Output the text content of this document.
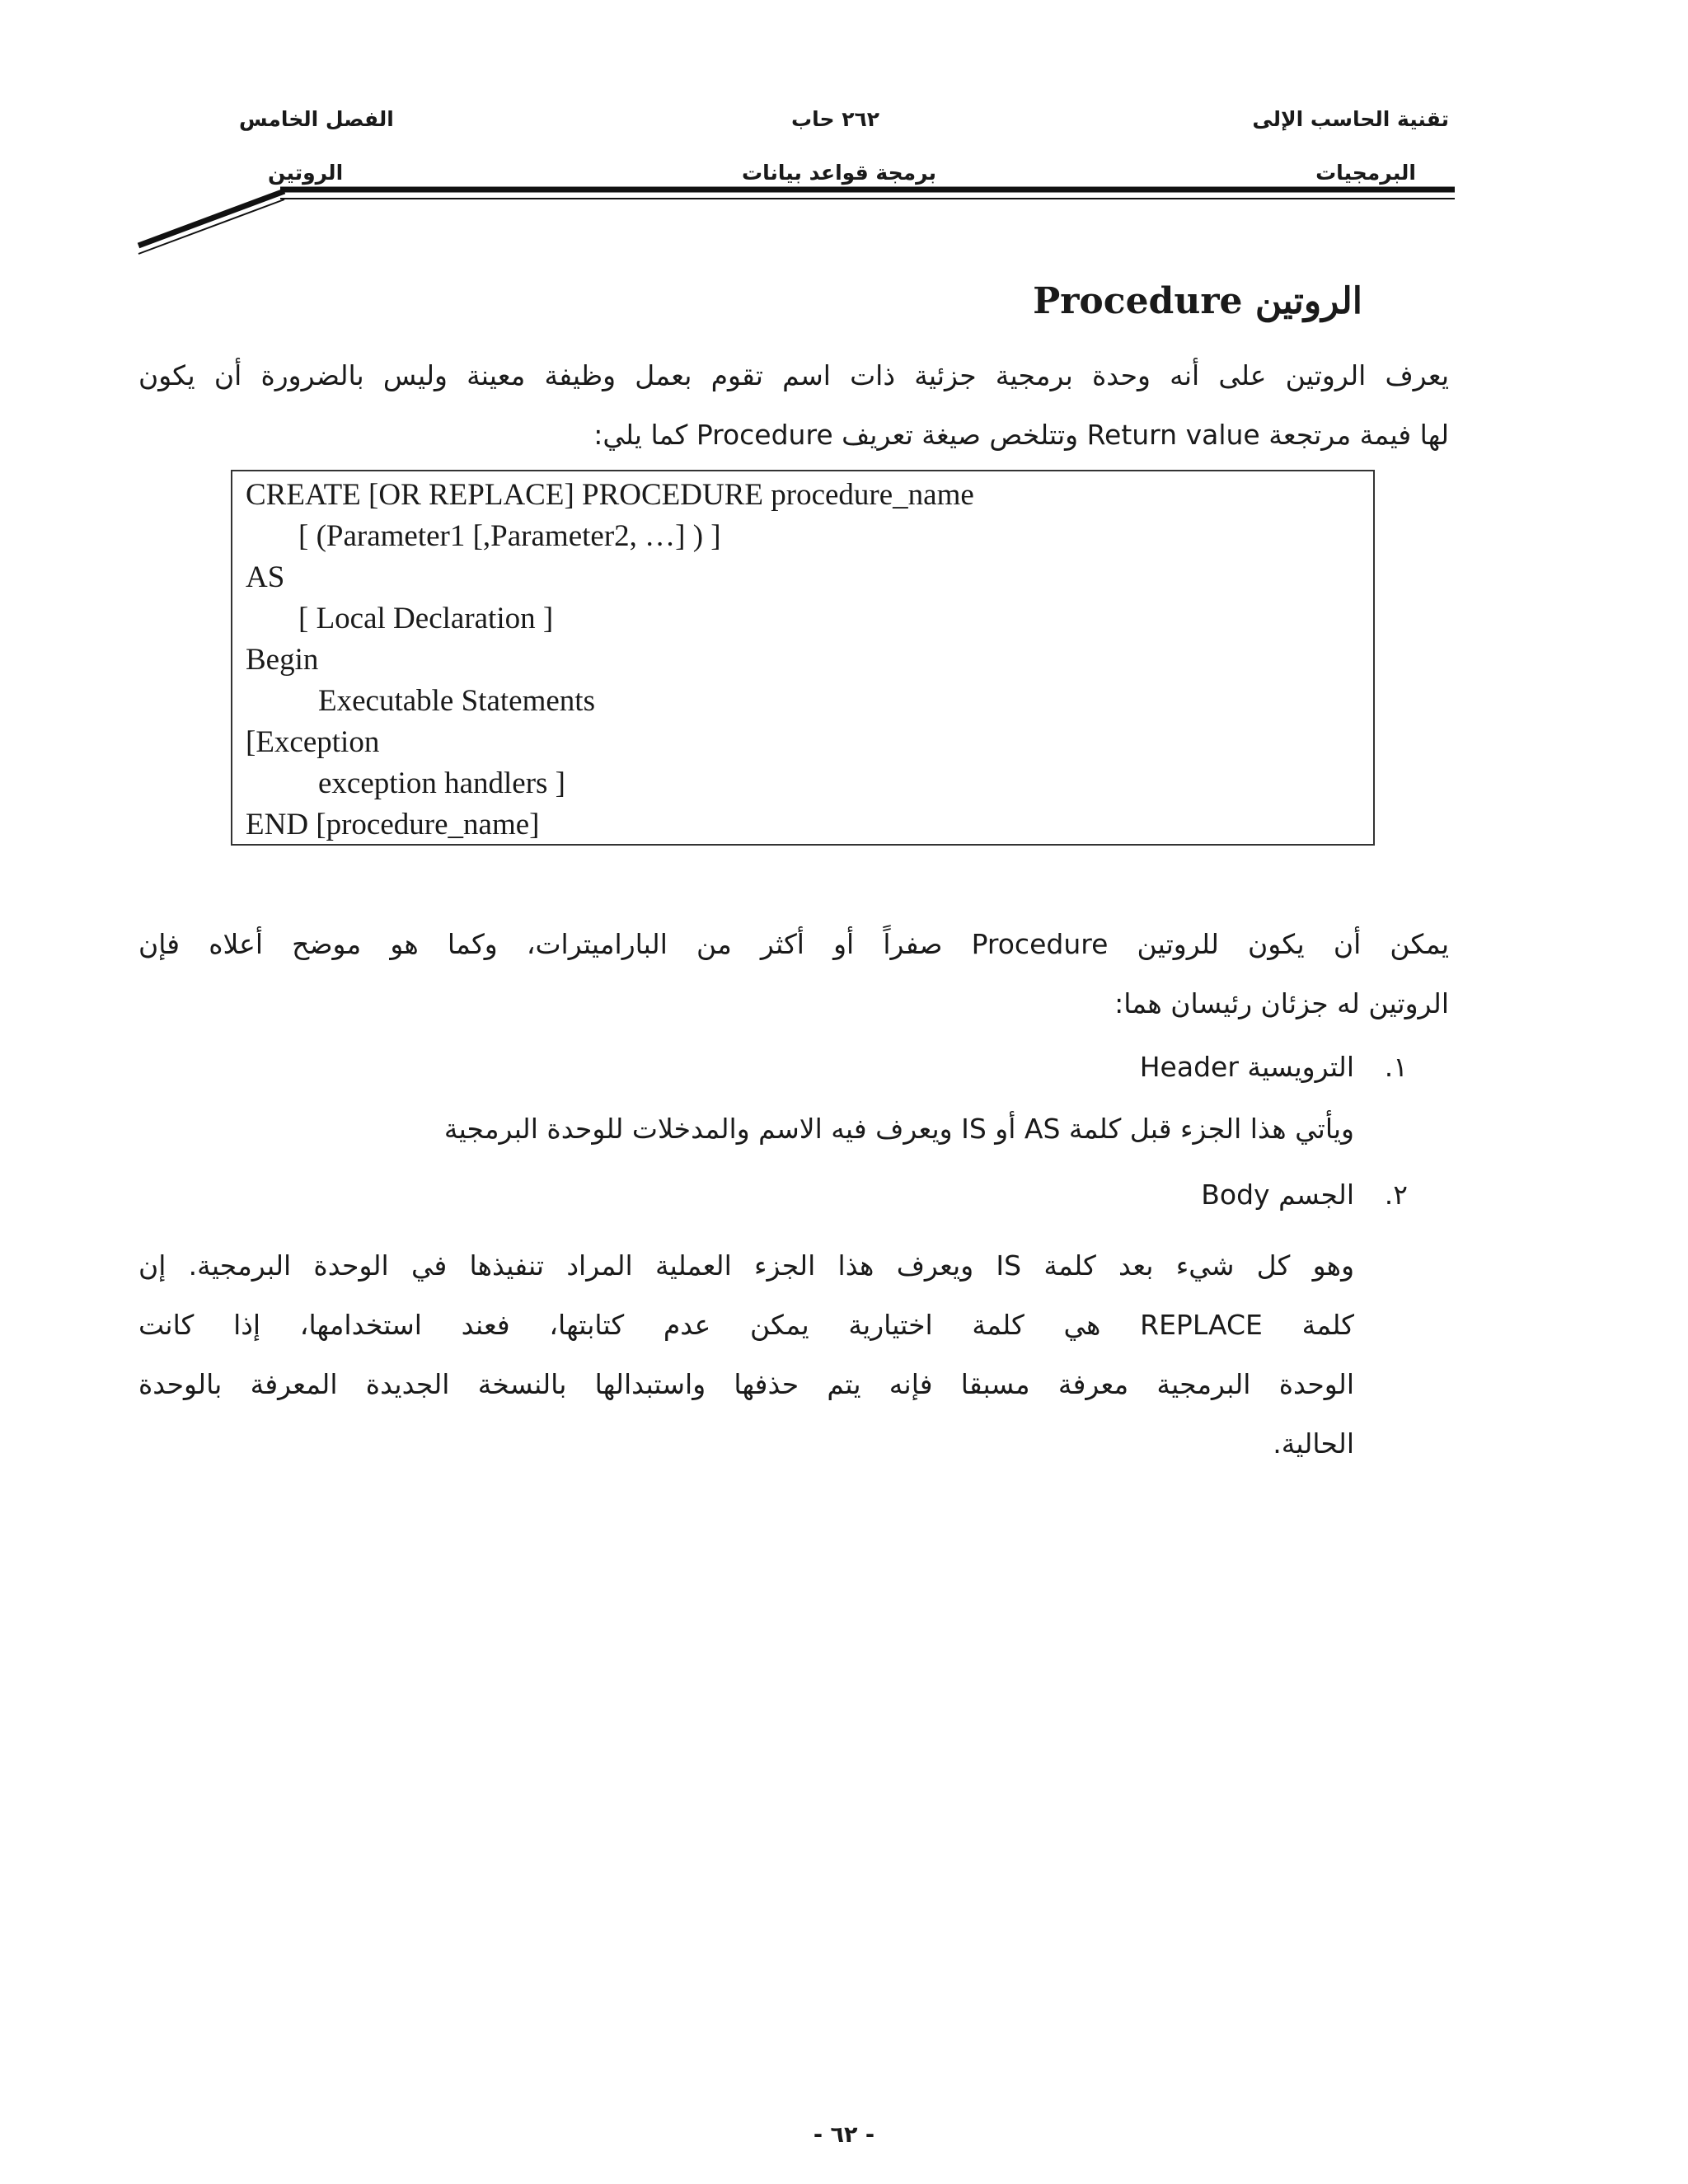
تقنية الحاسب الإلى
البرمجيات
٢٦٢ حاب
برمجة قواعد بيانات
الفصل الخامس
الروتين
الروتين Procedure
يعرف الروتين على أنه وحدة برمجية جزئية ذات اسم تقوم بعمل وظيفة معينة وليس بالضرورة أن يكون
لها فيمة مرتجعة Return value وتتلخص صيغة تعريف Procedure كما يلي:
CREATE [OR REPLACE] PROCEDURE procedure_name
[ (Parameter1 [,Parameter2, …] ) ]
AS
[ Local Declaration ]
Begin
Executable Statements
[Exception
exception handlers ]
END [procedure_name]
يمكن أن يكون للروتين Procedure صفراً أو أكثر من الباراميترات، وكما هو موضح أعلاه فإن
الروتين له جزئان رئيسان هما:
١.
الترويسية Header
ويأتي هذا الجزء قبل كلمة AS أو IS ويعرف فيه الاسم والمدخلات للوحدة البرمجية
٢.
الجسم Body
وهو كل شيء بعد كلمة IS ويعرف هذا الجزء العملية المراد تنفيذها في الوحدة البرمجية. إن
كلمة REPLACE هي كلمة اختيارية يمكن عدم كتابتها، فعند استخدامها، إذا كانت
الوحدة البرمجية معرفة مسبقا فإنه يتم حذفها واستبدالها بالنسخة الجديدة المعرفة بالوحدة
الحالية.
- ٦٢ -
